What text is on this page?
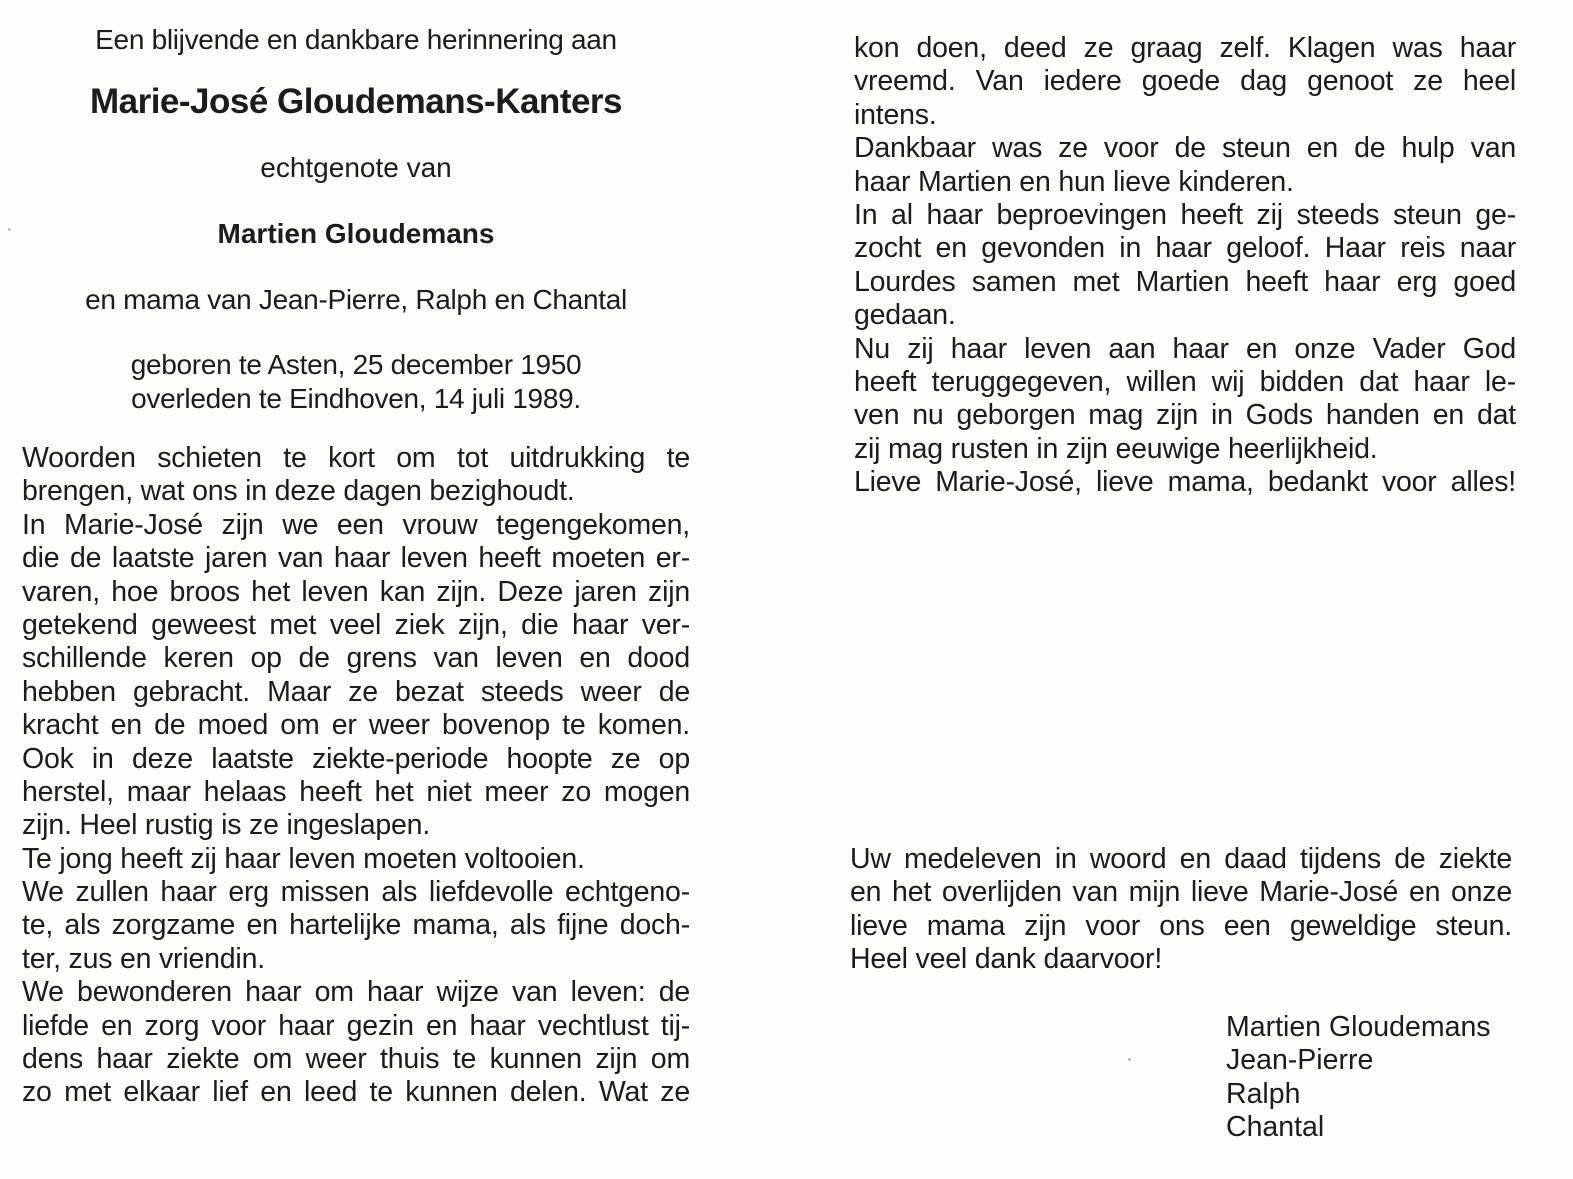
Een blijvende en dankbare herinnering aan

Marie-José Gloudemans-Kanters

echtgenote van

Martien Gloudemans

en mama van Jean-Pierre, Ralph en Chantal

geboren te Asten, 25 december 1950

overleden te Eindhoven, 14 juli 1989.

Woorden schieten te kort om tot uitdrukking te
brengen, wat ons in deze dagen bezighoudt.
In Marie-José zijn we een vrouw tegengekomen,
die de laatste jaren van haar leven heeft moeten er-
varen, hoe broos het leven kan zijn. Deze jaren zijn
getekend geweest met veel ziek zijn, die haar ver-
schillende keren op de grens van leven en dood
hebben gebracht. Maar ze bezat steeds weer de
kracht en de moed om er weer bovenop te komen.
Ook in deze laatste ziekte-periode hoopte ze op
herstel, maar helaas heeft het niet meer zo mogen
zijn. Heel rustig is ze ingeslapen.
Te jong heeft zij haar leven moeten voltooien.
We zullen haar erg missen als liefdevolle echtgeno-
te, als zorgzame en hartelijke mama, als fijne doch-
ter, zus en vriendin.
We bewonderen haar om haar wijze van leven: de
liefde en zorg voor haar gezin en haar vechtlust tij-
dens haar ziekte om weer thuis te kunnen zijn om
zo met elkaar lief en leed te kunnen delen. Wat ze
kon doen, deed ze graag zelf. Klagen was haar
vreemd. Van iedere goede dag genoot ze heel
intens.
Dankbaar was ze voor de steun en de hulp van
haar Martien en hun lieve kinderen.
In al haar beproevingen heeft zij steeds steun ge-
zocht en gevonden in haar geloof. Haar reis naar
Lourdes samen met Martien heeft haar erg goed
gedaan.
Nu zij haar leven aan haar en onze Vader God
heeft teruggegeven, willen wij bidden dat haar le-
ven nu geborgen mag zijn in Gods handen en dat
zij mag rusten in zijn eeuwige heerlijkheid.
Lieve Marie-José, lieve mama, bedankt voor alles!
Uw medeleven in woord en daad tijdens de ziekte
en het overlijden van mijn lieve Marie-José en onze
lieve mama zijn voor ons een geweldige steun.
Heel veel dank daarvoor!

Martien Gloudemans

Jean-Pierre

Ralph

Chantal
